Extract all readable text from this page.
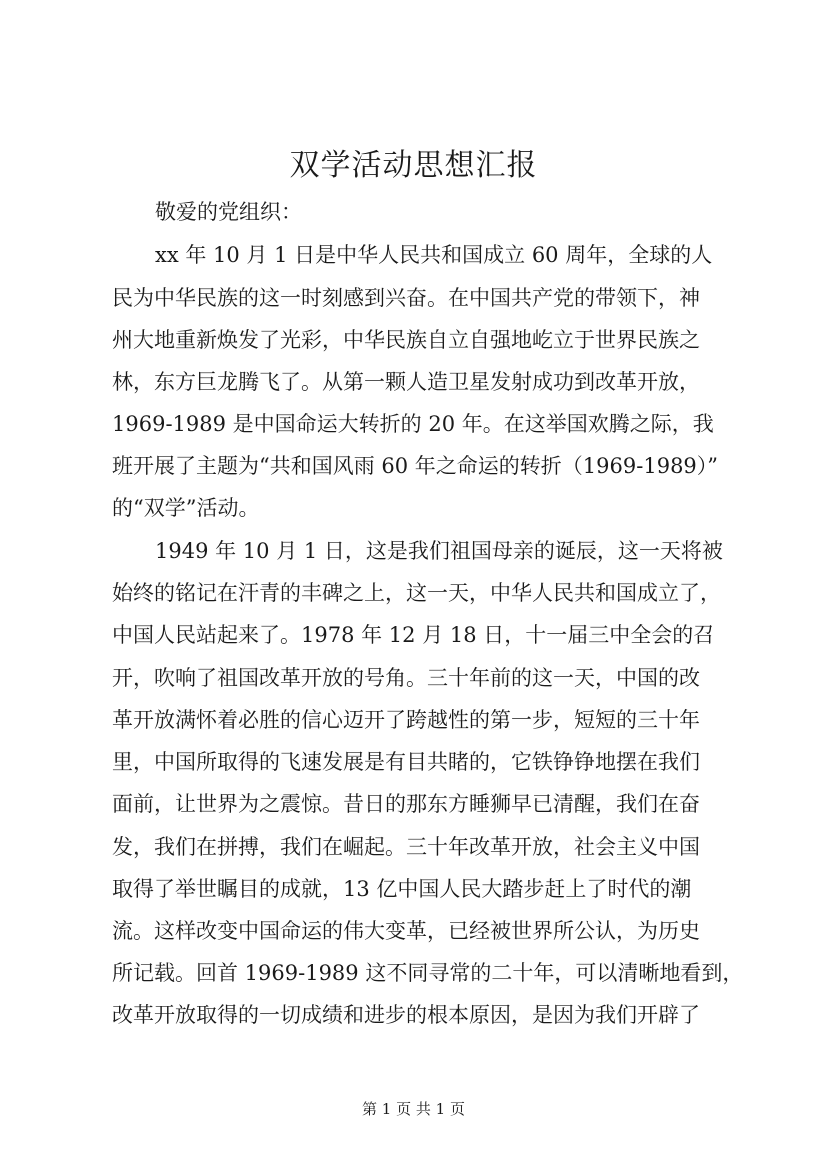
双学活动思想汇报
敬爱的党组织：
xx 年 10 月 1 日是中华人民共和国成立 60 周年，全球的人
民为中华民族的这一时刻感到兴奋。在中国共产党的带领下，神
州大地重新焕发了光彩，中华民族自立自强地屹立于世界民族之
林，东方巨龙腾飞了。从第一颗人造卫星发射成功到改革开放，
1969-1989 是中国命运大转折的 20 年。在这举国欢腾之际，我
班开展了主题为“共和国风雨 60 年之命运的转折（1969-1989）”
的“双学”活动。
1949 年 10 月 1 日，这是我们祖国母亲的诞辰，这一天将被
始终的铭记在汗青的丰碑之上，这一天，中华人民共和国成立了，
中国人民站起来了。1978 年 12 月 18 日，十一届三中全会的召
开，吹响了祖国改革开放的号角。三十年前的这一天，中国的改
革开放满怀着必胜的信心迈开了跨越性的第一步，短短的三十年
里，中国所取得的飞速发展是有目共睹的，它铁铮铮地摆在我们
面前，让世界为之震惊。昔日的那东方睡狮早已清醒，我们在奋
发，我们在拼搏，我们在崛起。三十年改革开放，社会主义中国
取得了举世瞩目的成就，13 亿中国人民大踏步赶上了时代的潮
流。这样改变中国命运的伟大变革，已经被世界所公认，为历史
所记载。回首 1969-1989 这不同寻常的二十年，可以清晰地看到，
改革开放取得的一切成绩和进步的根本原因，是因为我们开辟了
第 1 页 共 1 页
